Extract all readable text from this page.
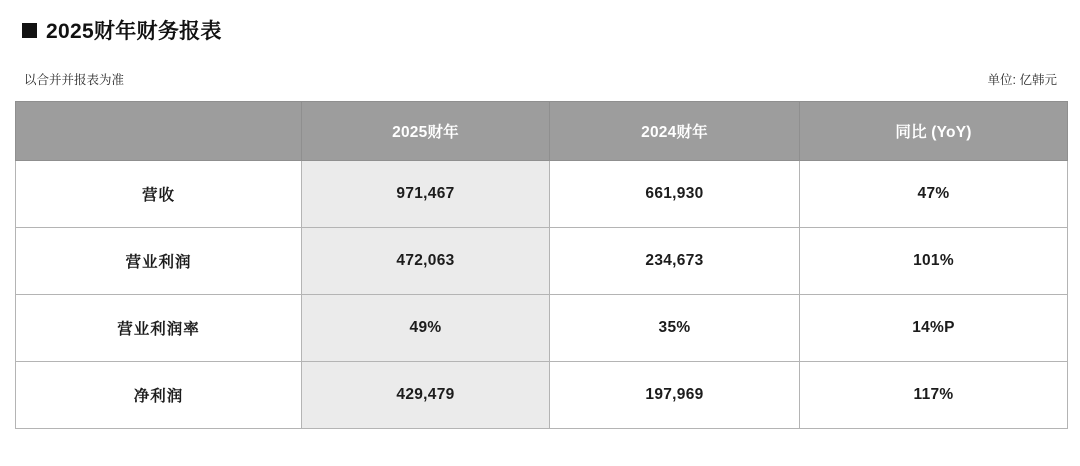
2025财年财务报表
以合并并报表为准	单位: 亿韩元
	2025财年	2024财年	同比 (YoY)
营收	971,467	661,930	47%
营业利润	472,063	234,673	101%
营业利润率	49%	35%	14%P
净利润	429,479	197,969	117%
